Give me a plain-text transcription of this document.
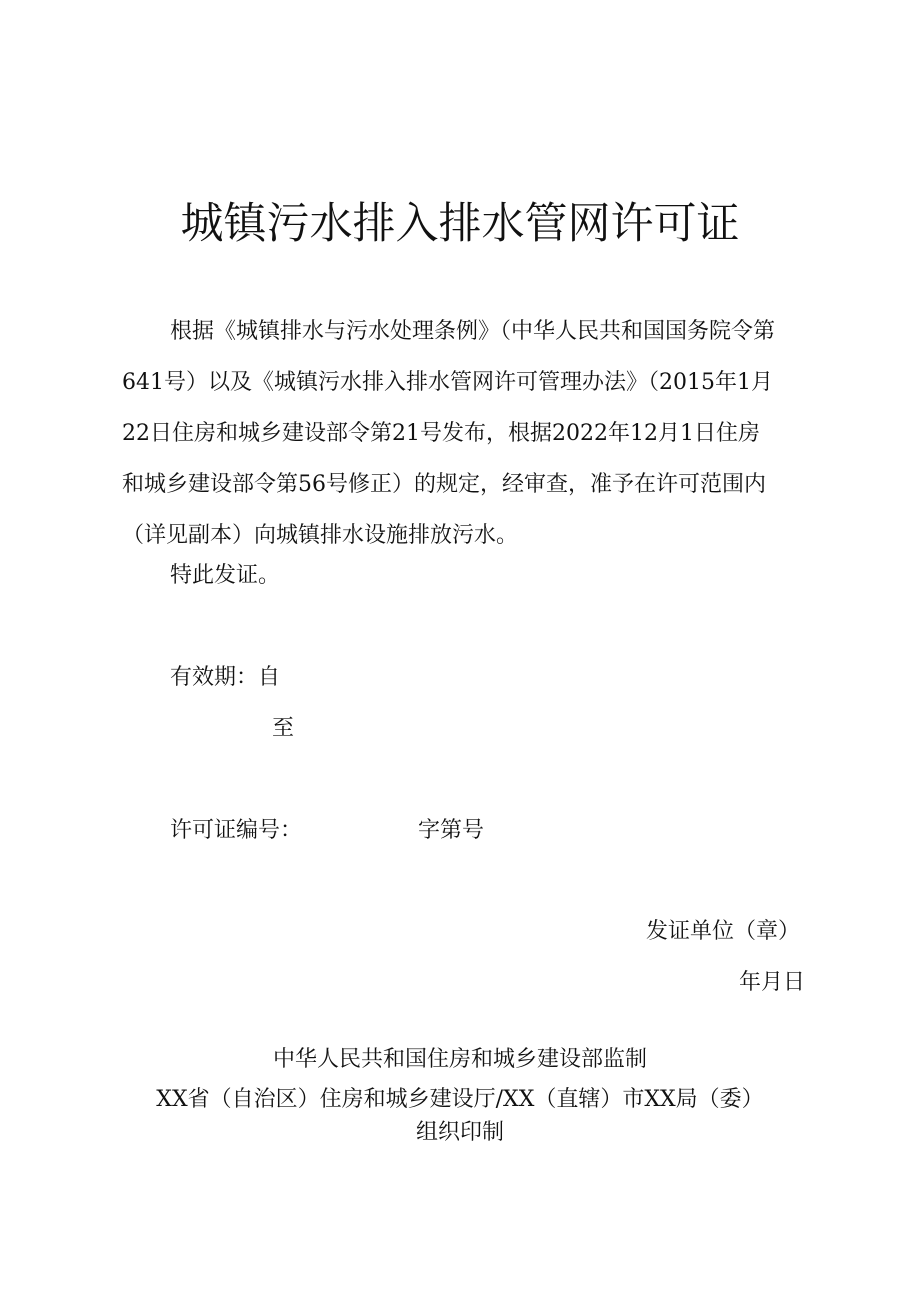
城镇污水排入排水管网许可证
根据《城镇排水与污水处理条例》（中华人民共和国国务院令第
641号）以及《城镇污水排入排水管网许可管理办法》（2015年1月
22日住房和城乡建设部令第21号发布，根据2022年12月1日住房
和城乡建设部令第56号修正）的规定，经审查，准予在许可范围内
（详见副本）向城镇排水设施排放污水。
特此发证。
有效期：自
至
许可证编号：	字第号
发证单位（章）
年月日
中华人民共和国住房和城乡建设部监制
XX省（自治区）住房和城乡建设厅/XX（直辖）市XX局（委）
组织印制
